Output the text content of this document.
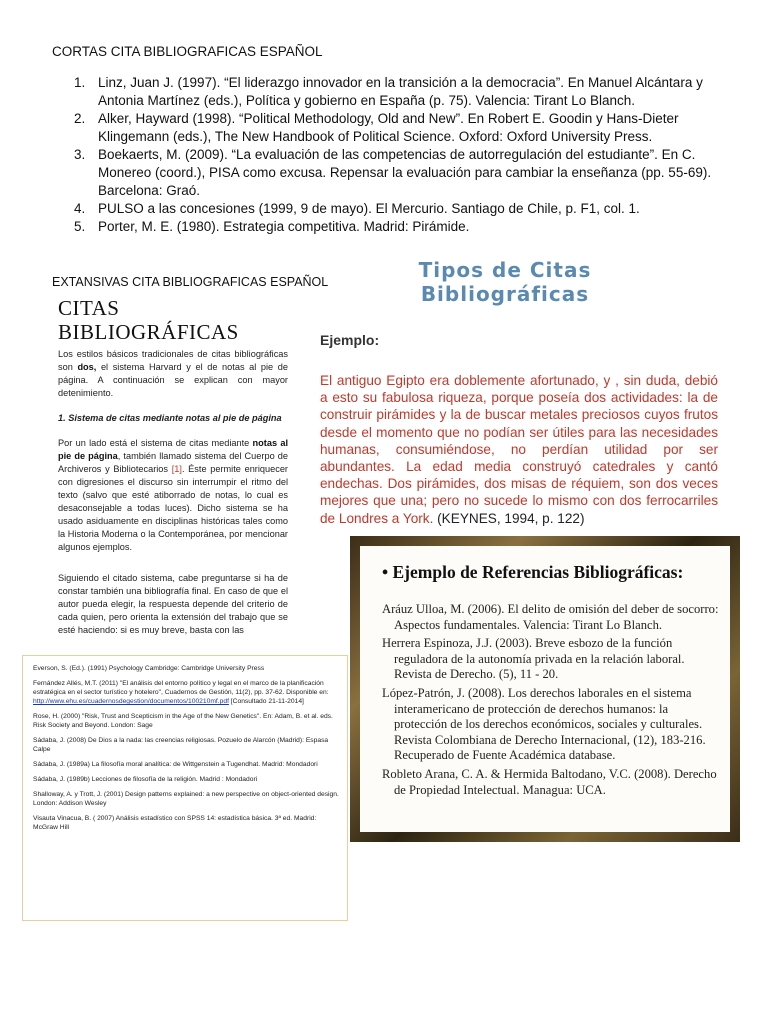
CORTAS CITA BIBLIOGRAFICAS ESPAÑOL
1. Linz, Juan J. (1997). “El liderazgo innovador en la transición a la democracia”. En Manuel Alcántara y Antonia Martínez (eds.), Política y gobierno en España (p. 75). Valencia: Tirant Lo Blanch.
2. Alker, Hayward (1998). “Political Methodology, Old and New”. En Robert E. Goodin y Hans-Dieter Klingemann (eds.), The New Handbook of Political Science. Oxford: Oxford University Press.
3. Boekaerts, M. (2009). “La evaluación de las competencias de autorregulación del estudiante”. En C. Monereo (coord.), PISA como excusa. Repensar la evaluación para cambiar la enseñanza (pp. 55-69). Barcelona: Graó.
4. PULSO a las concesiones (1999, 9 de mayo). El Mercurio. Santiago de Chile, p. F1, col. 1.
5. Porter, M. E. (1980). Estrategia competitiva. Madrid: Pirámide.
EXTANSIVAS CITA BIBLIOGRAFICAS ESPAÑOL
CITAS
BIBLIOGRÁFICAS
Los estilos básicos tradicionales de citas bibliográficas son dos, el sistema Harvard y el de notas al pie de página. A continuación se explican con mayor detenimiento.
1. Sistema de citas mediante notas al pie de página
Por un lado está el sistema de citas mediante notas al pie de página, también llamado sistema del Cuerpo de Archiveros y Bibliotecarios [1]. Éste permite enriquecer con digresiones el discurso sin interrumpir el ritmo del texto (salvo que esté atiborrado de notas, lo cual es desaconsejable a todas luces). Dicho sistema se ha usado asiduamente en disciplinas históricas tales como la Historia Moderna o la Contemporánea, por mencionar algunos ejemplos.
Siguiendo el citado sistema, cabe preguntarse si ha de constar también una bibliografía final. En caso de que el autor pueda elegir, la respuesta depende del criterio de cada quien, pero orienta la extensión del trabajo que se esté haciendo: si es muy breve, basta con las
Tipos de Citas
Bibliográficas
Ejemplo:
El antiguo Egipto era doblemente afortunado, y , sin duda, debió a esto su fabulosa riqueza, porque poseía dos actividades: la de construir pirámides y la de buscar metales preciosos cuyos frutos desde el momento que no podían ser útiles para las necesidades humanas, consumiéndose, no perdían utilidad por ser abundantes. La edad media construyó catedrales y cantó endechas. Dos pirámides, dos misas de réquiem, son dos veces mejores que una; pero no sucede lo mismo con dos ferrocarriles de Londres a York. (KEYNES, 1994, p. 122)
• Ejemplo de Referencias Bibliográficas:
Aráuz Ulloa, M. (2006). El delito de omisión del deber de socorro: Aspectos fundamentales. Valencia: Tirant Lo Blanch.
Herrera Espinoza, J.J. (2003). Breve esbozo de la función reguladora de la autonomía privada en la relación laboral. Revista de Derecho. (5), 11 - 20.
López-Patrón, J. (2008). Los derechos laborales en el sistema interamericano de protección de derechos humanos: la protección de los derechos económicos, sociales y culturales. Revista Colombiana de Derecho Internacional, (12), 183-216. Recuperado de Fuente Académica database.
Robleto Arana, C. A. & Hermida Baltodano, V.C. (2008). Derecho de Propiedad Intelectual. Managua: UCA.
Everson, S. (Ed.). (1991) Psychology Cambridge: Cambridge University Press
Fernández Allés, M.T. (2011) "El análisis del entorno político y legal en el marco de la planificación estratégica en el sector turístico y hotelero", Cuadernos de Gestión, 11(2), pp. 37-62. Disponible en:
http://www.ehu.es/cuadernosdegestion/documentos/100210mf.pdf [Consultado 21-11-2014]
Rose, H. (2000) "Risk, Trust and Scepticism in the Age of the New Genetics". En: Adam, B. et al. eds. Risk Society and Beyond. London: Sage
Sádaba, J. (2008) De Dios a la nada: las creencias religiosas. Pozuelo de Alarcón (Madrid): Espasa Calpe
Sádaba, J. (1989a) La filosofía moral analítica: de Wittgenstein a Tugendhat. Madrid: Mondadori
Sádaba, J. (1989b) Lecciones de filosofía de la religión. Madrid : Mondadori
Shalloway, A. y Trott, J. (2001) Design patterns explained: a new perspective on object-oriented design. London: Addison Wesley
Visauta Vinacua, B. ( 2007) Análisis estadístico con SPSS 14: estadística básica. 3ª ed. Madrid: McGraw Hill
